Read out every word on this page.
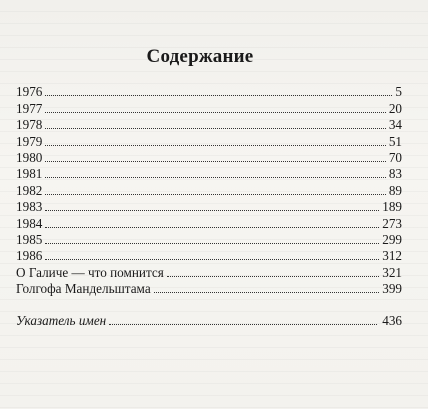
Содержание
1976	5
1977	20
1978	34
1979	51
1980	70
1981	83
1982	89
1983	189
1984	273
1985	299
1986	312
О Галиче — что помнится	321
Голгофа Мандельштама	399
Указатель имен	436
